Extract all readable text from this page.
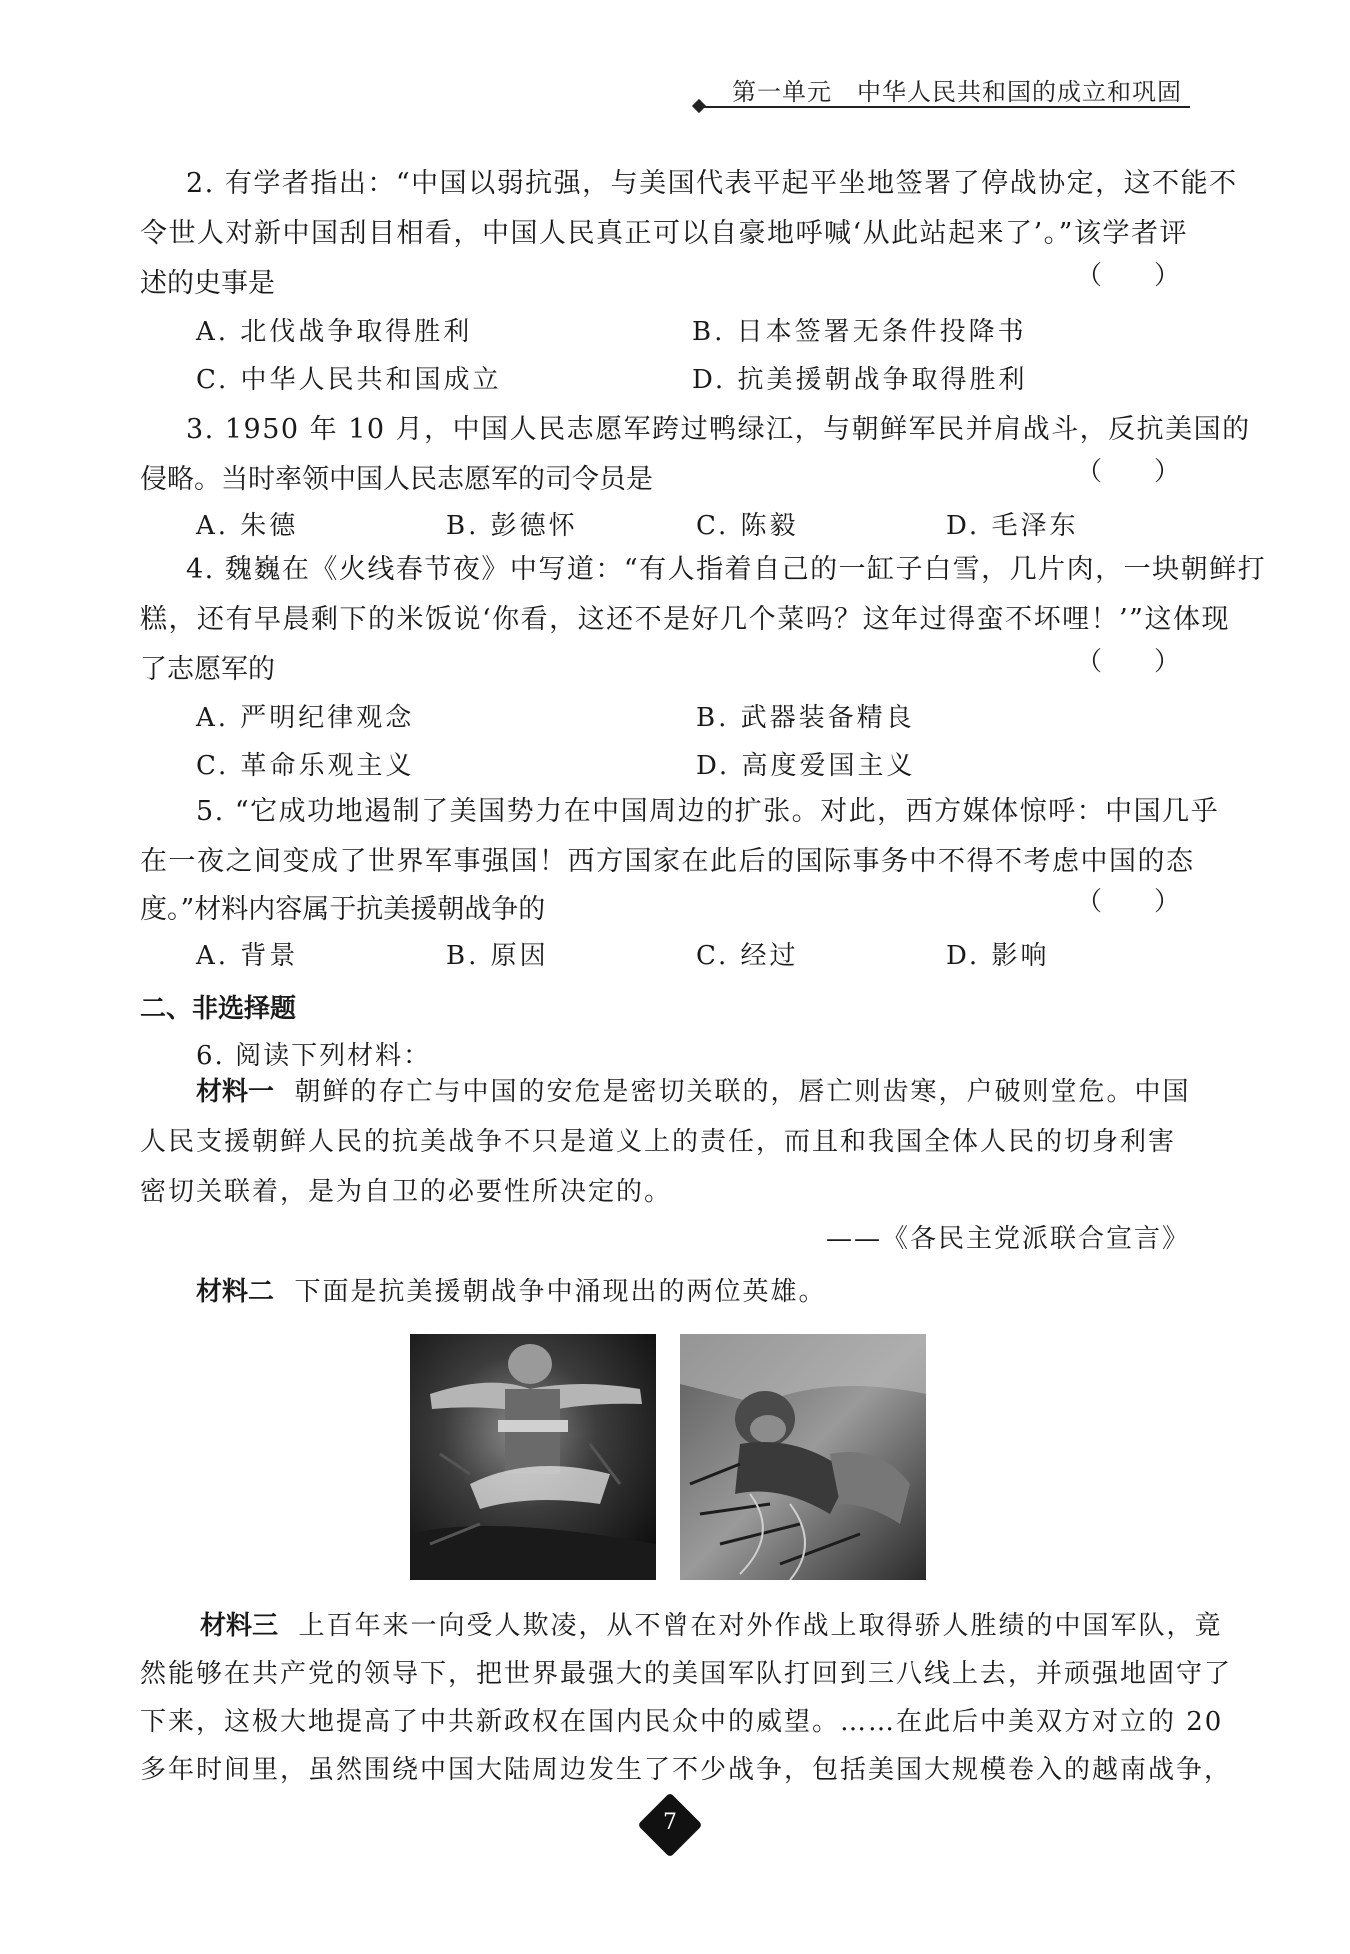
第一单元　中华人民共和国的成立和巩固
2. 有学者指出：“中国以弱抗强，与美国代表平起平坐地签署了停战协定，这不能不
令世人对新中国刮目相看，中国人民真正可以自豪地呼喊‘从此站起来了’。”该学者评
述的史事是	（　　）
A. 北伐战争取得胜利	B. 日本签署无条件投降书
C. 中华人民共和国成立	D. 抗美援朝战争取得胜利
3. 1950 年 10 月，中国人民志愿军跨过鸭绿江，与朝鲜军民并肩战斗，反抗美国的
侵略。当时率领中国人民志愿军的司令员是	（　　）
A. 朱德	B. 彭德怀	C. 陈毅	D. 毛泽东
4. 魏巍在《火线春节夜》中写道：“有人指着自己的一缸子白雪，几片肉，一块朝鲜打
糕，还有早晨剩下的米饭说‘你看，这还不是好几个菜吗？这年过得蛮不坏哩！’”这体现
了志愿军的	（　　）
A. 严明纪律观念	B. 武器装备精良
C. 革命乐观主义	D. 高度爱国主义
5. “它成功地遏制了美国势力在中国周边的扩张。对此，西方媒体惊呼：中国几乎
在一夜之间变成了世界军事强国！西方国家在此后的国际事务中不得不考虑中国的态
度。”材料内容属于抗美援朝战争的	（　　）
A. 背景	B. 原因	C. 经过	D. 影响
二、非选择题
6. 阅读下列材料：
材料一 朝鲜的存亡与中国的安危是密切关联的，唇亡则齿寒，户破则堂危。中国
人民支援朝鲜人民的抗美战争不只是道义上的责任，而且和我国全体人民的切身利害
密切关联着，是为自卫的必要性所决定的。
——《各民主党派联合宣言》
材料二 下面是抗美援朝战争中涌现出的两位英雄。
材料三 上百年来一向受人欺凌，从不曾在对外作战上取得骄人胜绩的中国军队，竟
然能够在共产党的领导下，把世界最强大的美国军队打回到三八线上去，并顽强地固守了
下来，这极大地提高了中共新政权在国内民众中的威望。……在此后中美双方对立的 20
多年时间里，虽然围绕中国大陆周边发生了不少战争，包括美国大规模卷入的越南战争，
7
